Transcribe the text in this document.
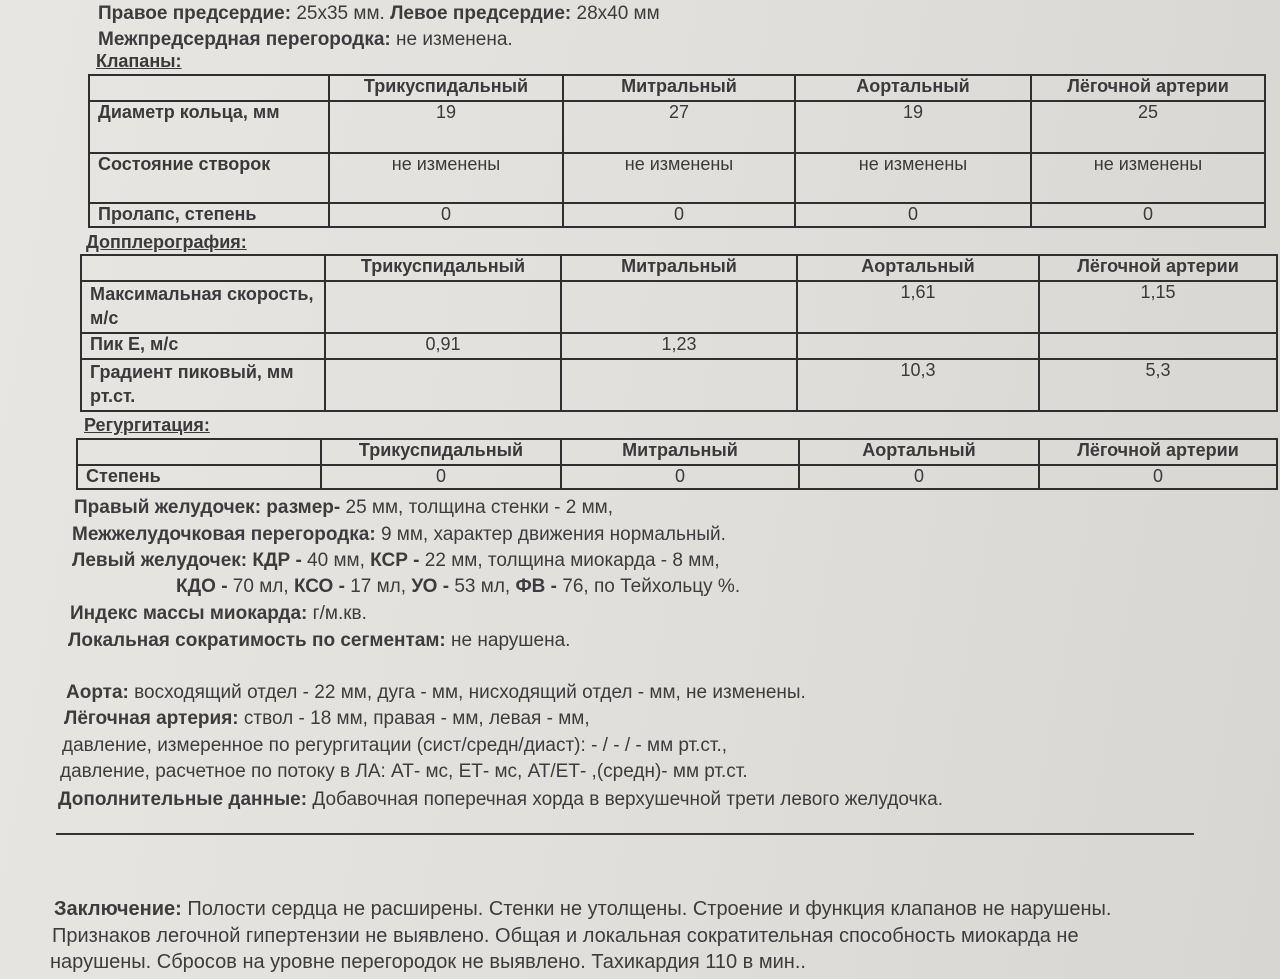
Правое предсердие: 25х35 мм. Левое предсердие: 28х40 мм
Межпредсердная перегородка: не изменена.
Клапаны:
	Трикуспидальный	Митральный	Аортальный	Лёгочной артерии
Диаметр кольца, мм	19	27	19	25
Состояние створок	не изменены	не изменены	не изменены	не изменены
Пролапс, степень	0	0	0	0
Допплерография:
	Трикуспидальный	Митральный	Аортальный	Лёгочной артерии
Максимальная скорость, м/с			1,61	1,15
Пик Е, м/с	0,91	1,23		
Градиент пиковый, мм рт.ст.			10,3	5,3
Регургитация:
	Трикуспидальный	Митральный	Аортальный	Лёгочной артерии
Степень	0	0	0	0
Правый желудочек: размер- 25 мм, толщина стенки - 2 мм,
Межжелудочковая перегородка: 9 мм, характер движения нормальный.
Левый желудочек: КДР - 40 мм, КСР - 22 мм, толщина миокарда - 8 мм,
КДО - 70 мл, КСО - 17 мл, УО - 53 мл, ФВ - 76, по Тейхольцу %.
Индекс массы миокарда: г/м.кв.
Локальная сократимость по сегментам: не нарушена.
Аорта: восходящий отдел - 22 мм, дуга - мм, нисходящий отдел - мм, не изменены.
Лёгочная артерия: ствол - 18 мм, правая - мм, левая - мм,
давление, измеренное по регургитации (сист/средн/диаст): - / - / - мм рт.ст.,
давление, расчетное по потоку в ЛА: АТ- мс, ЕТ- мс, АТ/ЕТ- ,(средн)- мм рт.ст.
Дополнительные данные: Добавочная поперечная хорда в верхушечной трети левого желудочка.
Заключение: Полости сердца не расширены. Стенки не утолщены. Строение и функция клапанов не нарушены.
Признаков легочной гипертензии не выявлено. Общая и локальная сократительная способность миокарда не
нарушены. Сбросов на уровне перегородок не выявлено. Тахикардия 110 в мин..
